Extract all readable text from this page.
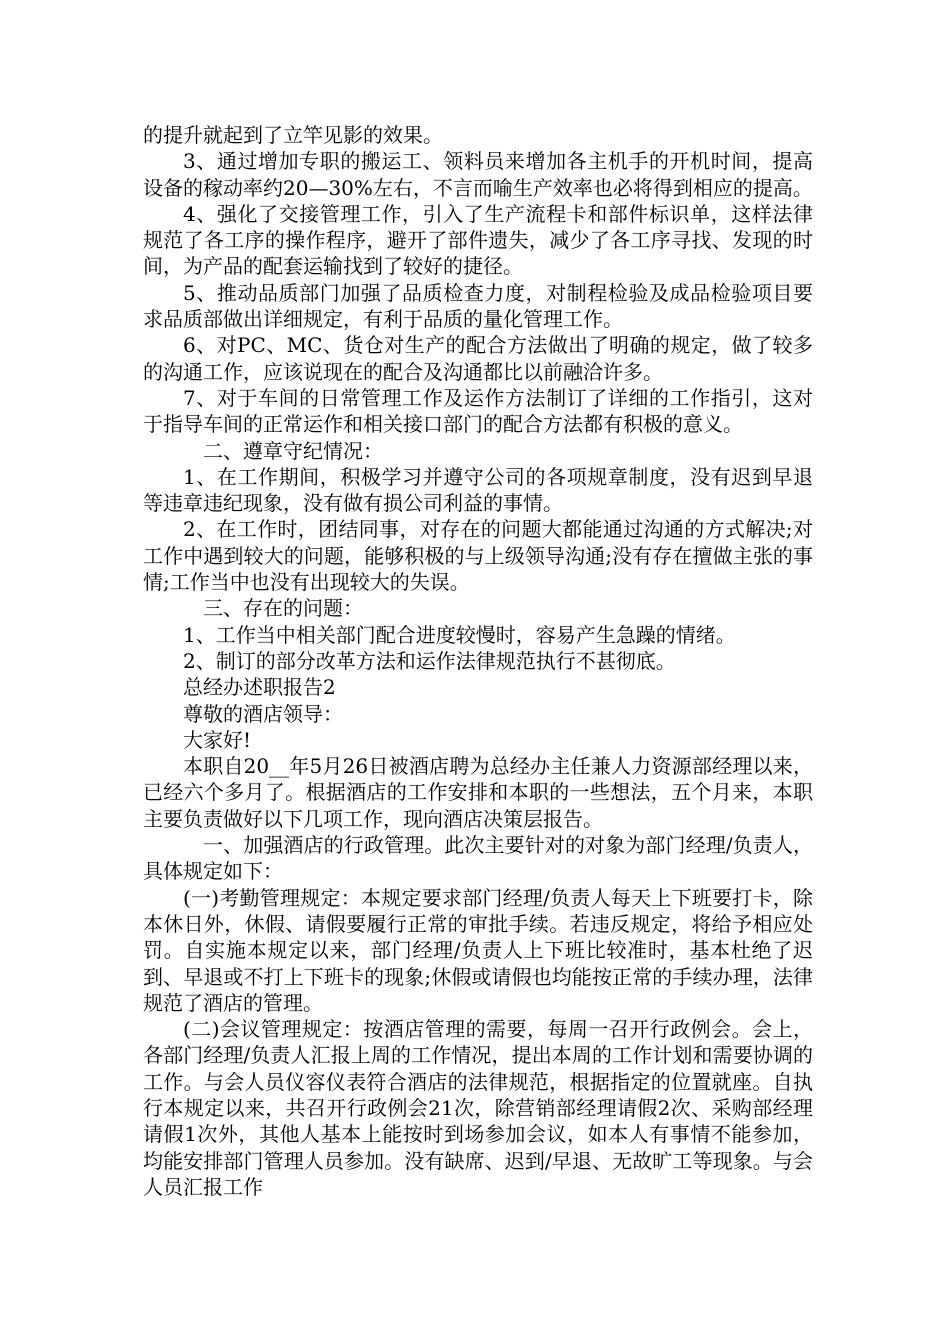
的提升就起到了立竿见影的效果。

3、通过增加专职的搬运工、领料员来增加各主机手的开机时间，提高设备的稼动率约20—30%左右，不言而喻生产效率也必将得到相应的提高。

4、强化了交接管理工作，引入了生产流程卡和部件标识单，这样法律规范了各工序的操作程序，避开了部件遗失，减少了各工序寻找、发现的时间，为产品的配套运输找到了较好的捷径。

5、推动品质部门加强了品质检查力度，对制程检验及成品检验项目要求品质部做出详细规定，有利于品质的量化管理工作。

6、对PC、MC、货仓对生产的配合方法做出了明确的规定，做了较多的沟通工作，应该说现在的配合及沟通都比以前融洽许多。

7、对于车间的日常管理工作及运作方法制订了详细的工作指引，这对于指导车间的正常运作和相关接口部门的配合方法都有积极的意义。

二、遵章守纪情况：

1、在工作期间，积极学习并遵守公司的各项规章制度，没有迟到早退等违章违纪现象，没有做有损公司利益的事情。

2、在工作时，团结同事，对存在的问题大都能通过沟通的方式解决;对工作中遇到较大的问题，能够积极的与上级领导沟通;没有存在擅做主张的事情;工作当中也没有出现较大的失误。

三、存在的问题：

1、工作当中相关部门配合进度较慢时，容易产生急躁的情绪。

2、制订的部分改革方法和运作法律规范执行不甚彻底。

总经办述职报告2

尊敬的酒店领导：

大家好!

本职自20__年5月26日被酒店聘为总经办主任兼人力资源部经理以来，已经六个多月了。根据酒店的工作安排和本职的一些想法，五个月来，本职主要负责做好以下几项工作，现向酒店决策层报告。

一、加强酒店的行政管理。此次主要针对的对象为部门经理/负责人，具体规定如下：

(一)考勤管理规定：本规定要求部门经理/负责人每天上下班要打卡，除本休日外，休假、请假要履行正常的审批手续。若违反规定，将给予相应处罚。自实施本规定以来，部门经理/负责人上下班比较准时，基本杜绝了迟到、早退或不打上下班卡的现象;休假或请假也均能按正常的手续办理，法律规范了酒店的管理。

(二)会议管理规定：按酒店管理的需要，每周一召开行政例会。会上，各部门经理/负责人汇报上周的工作情况，提出本周的工作计划和需要协调的工作。与会人员仪容仪表符合酒店的法律规范，根据指定的位置就座。自执行本规定以来，共召开行政例会21次，除营销部经理请假2次、采购部经理请假1次外，其他人基本上能按时到场参加会议，如本人有事情不能参加，均能安排部门管理人员参加。没有缺席、迟到/早退、无故旷工等现象。与会人员汇报工作
